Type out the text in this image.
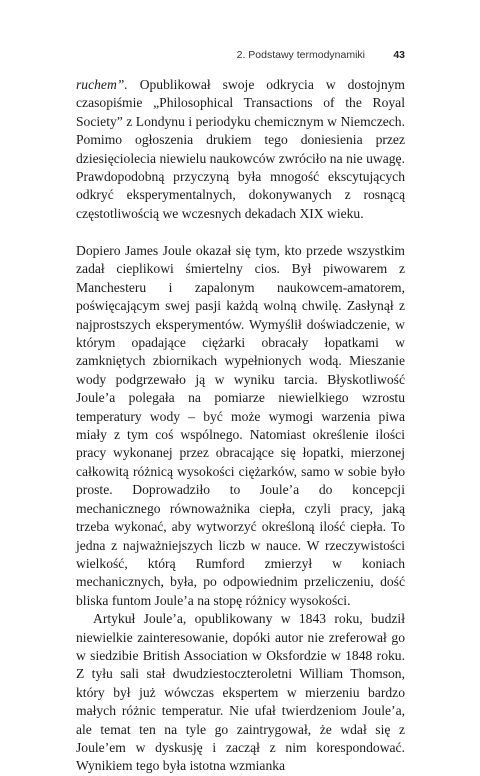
2. Podstawy termodynamiki	43

ruchem”. Opublikował swoje odkrycia w dostojnym czasopiśmie „Philosophical Transactions of the Royal Society” z Londynu i periodyku chemicznym w Niemczech. Pomimo ogłoszenia drukiem tego doniesienia przez dziesięciolecia niewielu naukowców zwróciło na nie uwagę. Prawdopodobną przyczyną była mnogość ekscytujących odkryć eksperymentalnych, dokonywanych z rosnącą częstotliwością we wczesnych dekadach XIX wieku.

Dopiero James Joule okazał się tym, kto przede wszystkim zadał cieplikowi śmiertelny cios. Był piwowarem z Manchesteru i zapalonym naukowcem-amatorem, poświęcającym swej pasji każdą wolną chwilę. Zasłynął z najprostszych eksperymentów. Wymyślił doświadczenie, w którym opadające ciężarki obracały łopatkami w zamkniętych zbiornikach wypełnionych wodą. Mieszanie wody podgrzewało ją w wyniku tarcia. Błyskotliwość Joule’a polegała na pomiarze niewielkiego wzrostu temperatury wody – być może wymogi warzenia piwa miały z tym coś wspólnego. Natomiast określenie ilości pracy wykonanej przez obracające się łopatki, mierzonej całkowitą różnicą wysokości ciężarków, samo w sobie było proste. Doprowadziło to Joule’a do koncepcji mechanicznego równoważnika ciepła, czyli pracy, jaką trzeba wykonać, aby wytworzyć określoną ilość ciepła. To jedna z najważniejszych liczb w nauce. W rzeczywistości wielkość, którą Rumford zmierzył w koniach mechanicznych, była, po odpowiednim przeliczeniu, dość bliska funtom Joule’a na stopę różnicy wysokości.

Artykuł Joule’a, opublikowany w 1843 roku, budził niewielkie zainteresowanie, dopóki autor nie zreferował go w siedzibie British Association w Oksfordzie w 1848 roku. Z tyłu sali stał dwudziestoczteroletni William Thomson, który był już wówczas ekspertem w mierzeniu bardzo małych różnic temperatur. Nie ufał twierdzeniom Joule’a, ale temat ten na tyle go zaintrygował, że wdał się z Joule’em w dyskusję i zaczął z nim korespondować. Wynikiem tego była istotna wzmianka
